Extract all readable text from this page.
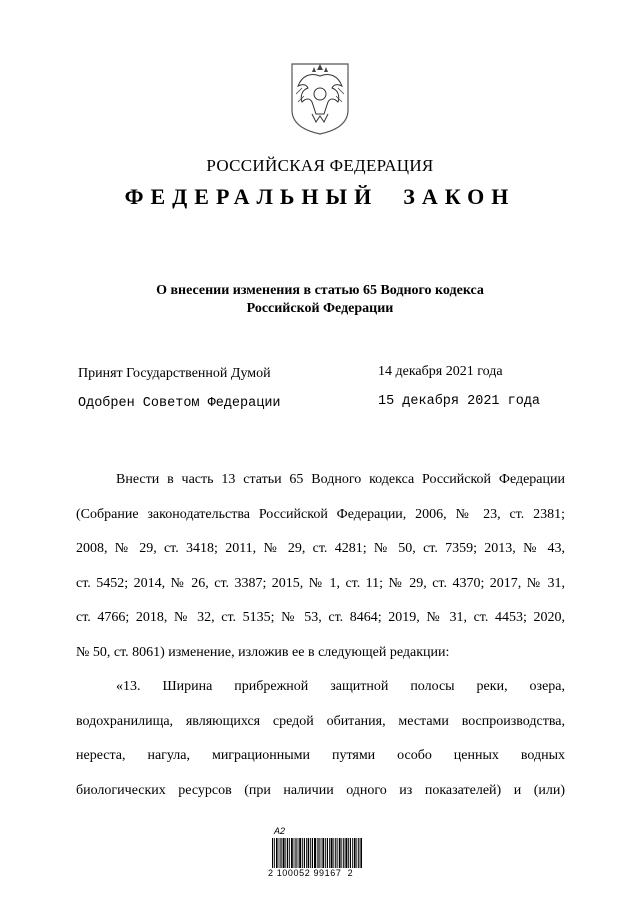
РОССИЙСКАЯ ФЕДЕРАЦИЯ
ФЕДЕРАЛЬНЫЙ  ЗАКОН
О внесении изменения в статью 65 Водного кодекса
Российской Федерации
Принят Государственной Думой	14 декабря 2021 года
Одобрен Советом Федерации	15 декабря 2021 года
Внести в часть 13 статьи 65 Водного кодекса Российской Федерации
(Собрание законодательства Российской Федерации, 2006, № 23, ст. 2381;
2008, № 29, ст. 3418; 2011, № 29, ст. 4281; № 50, ст. 7359; 2013, № 43,
ст. 5452; 2014, № 26, ст. 3387; 2015, № 1, ст. 11; № 29, ст. 4370; 2017, № 31,
ст. 4766; 2018, № 32, ст. 5135; № 53, ст. 8464; 2019, № 31, ст. 4453; 2020,
№ 50, ст. 8061) изменение, изложив ее в следующей редакции:
«13. Ширина прибрежной защитной полосы реки, озера,
водохранилища, являющихся средой обитания, местами воспроизводства,
нереста, нагула, миграционными путями особо ценных водных
биологических ресурсов (при наличии одного из показателей) и (или)
A2
2 100052 99167  2
